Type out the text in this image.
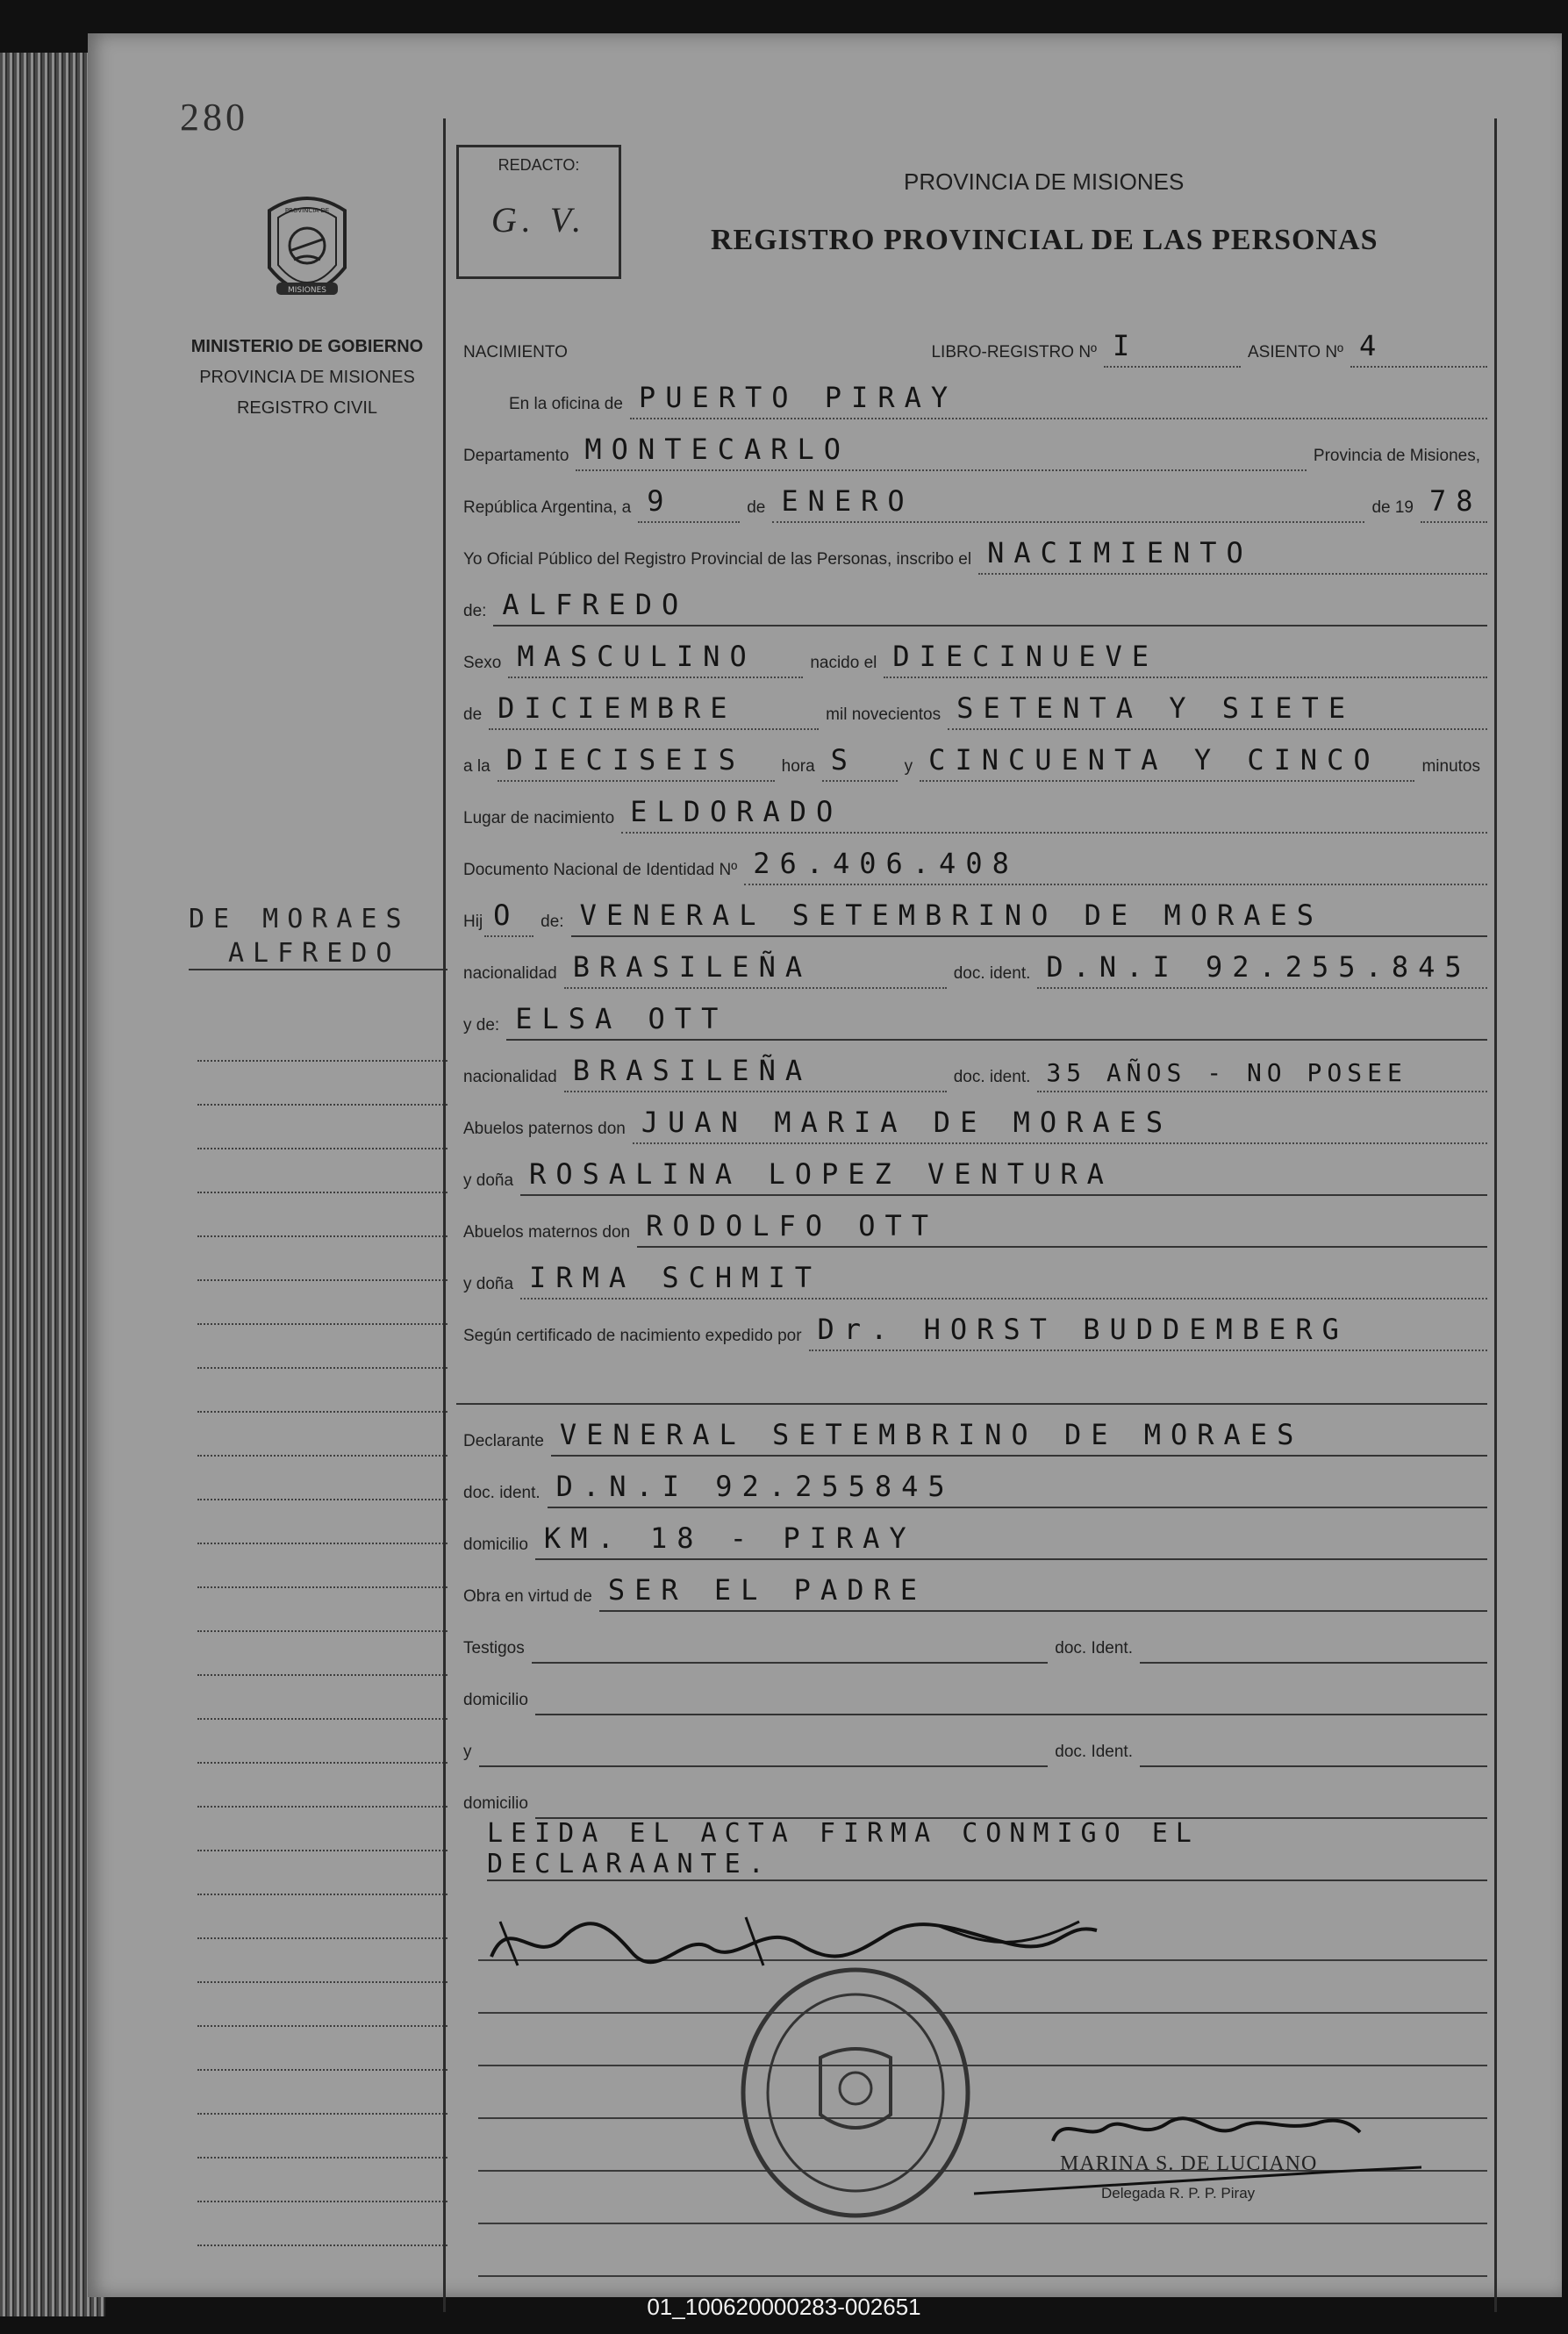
280
MISIONES
PROVINCIA DE
MINISTERIO DE GOBIERNO
PROVINCIA DE MISIONES
REGISTRO CIVIL
DE MORAES
ALFREDO
REDACTO:
G. V.
PROVINCIA DE MISIONES
REGISTRO PROVINCIAL DE LAS PERSONAS
NACIMIENTO	LIBRO-REGISTRO Nº I	ASIENTO Nº 4
En la oficina de PUERTO PIRAY
Departamento MONTECARLO	Provincia de Misiones,
República Argentina, a 9	de ENERO	de 19 78
Yo Oficial Público del Registro Provincial de las Personas, inscribo el NACIMIENTO
de: ALFREDO
Sexo MASCULINO	nacido el DIECINUEVE
de DICIEMBRE	mil novecientos SETENTA Y SIETE
a la DIECISEIS	hora S	y CINCUENTA Y CINCO	minutos
Lugar de nacimiento ELDORADO
Documento Nacional de Identidad Nº 26.406.408
Hij O	de: VENERAL SETEMBRINO DE MORAES
nacionalidad BRASILEÑA	doc. ident. D.N.I 92.255.845
y de: ELSA OTT
nacionalidad BRASILEÑA	doc. ident. 35 AÑOS - NO POSEE
Abuelos paternos don JUAN MARIA DE MORAES
y doña ROSALINA LOPEZ VENTURA
Abuelos maternos don RODOLFO OTT
y doña IRMA SCHMIT
Según certificado de nacimiento expedido por Dr. HORST BUDDEMBERG
Declarante VENERAL SETEMBRINO DE MORAES
doc. ident. D.N.I 92.255845
domicilio KM. 18 - PIRAY
Obra en virtud de SER EL PADRE
Testigos	doc. Ident.
domicilio
y	doc. Ident.
domicilio
LEIDA EL ACTA FIRMA CONMIGO EL DECLARAANTE.
MARINA S. DE LUCIANO
Delegada R. P. P. Piray
01_100620000283-002651
